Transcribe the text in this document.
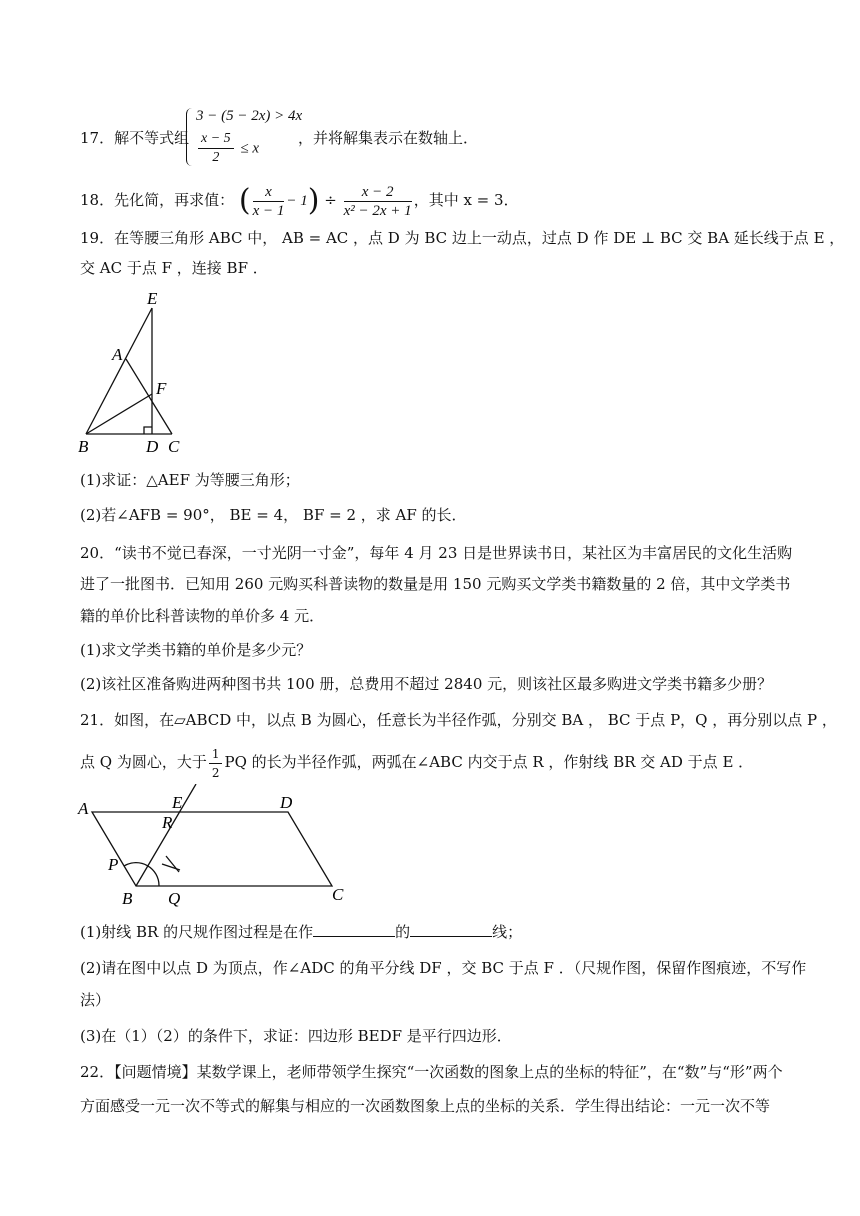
17．解不等式组
3 − (5 − 2x) > 4x
$\frac{x - 5}{2} \le x$
，并将解集表示在数轴上．
18．先化简，再求值： ( $\frac{x}{x - 1} - 1) \div \frac{x - 2}{\text{x² − 2x + 1}}$ ，其中 x = 3．
19．在等腰三角形 ABC 中， AB = AC ，点 D 为 BC 边上一动点，过点 D 作 DE ⊥ BC 交 BA 延长线于点 E ，
交 AC 于点 F ，连接 BF ．
E
A
F
B	D C
(1)求证：△AEF 为等腰三角形；
(2)若∠AFB = 90°， BE = 4， BF = 2 ，求 AF 的长．
20．“读书不觉已春深，一寸光阴一寸金”，每年 4 月 23 日是世界读书日，某社区为丰富居民的文化生活购
进了一批图书．已知用 260 元购买科普读物的数量是用 150 元购买文学类书籍数量的 2 倍，其中文学类书
籍的单价比科普读物的单价多 4 元．
(1)求文学类书籍的单价是多少元？
(2)该社区准备购进两种图书共 100 册，总费用不超过 2840 元，则该社区最多购进文学类书籍多少册？
21．如图，在▱ABCD 中，以点 B 为圆心，任意长为半径作弧，分别交 BA ， BC 于点 P，Q ，再分别以点 P ，
点 Q 为圆心，大于 $\frac{1}{2}$ PQ 的长为半径作弧，两弧在∠ABC 内交于点 R ，作射线 BR 交 AD 于点 E ．
A	E	D
R
P
B Q	C
(1)射线 BR 的尺规作图过程是在作	的	线；
(2)请在图中以点 D 为顶点，作∠ADC 的角平分线 DF ，交 BC 于点 F ．（尺规作图，保留作图痕迹，不写作
法）
(3)在（1）（2）的条件下，求证：四边形 BEDF 是平行四边形．
22．【问题情境】某数学课上，老师带领学生探究“一次函数的图象上点的坐标的特征”，在“数”与“形”两个
方面感受一元一次不等式的解集与相应的一次函数图象上点的坐标的关系．学生得出结论：一元一次不等
